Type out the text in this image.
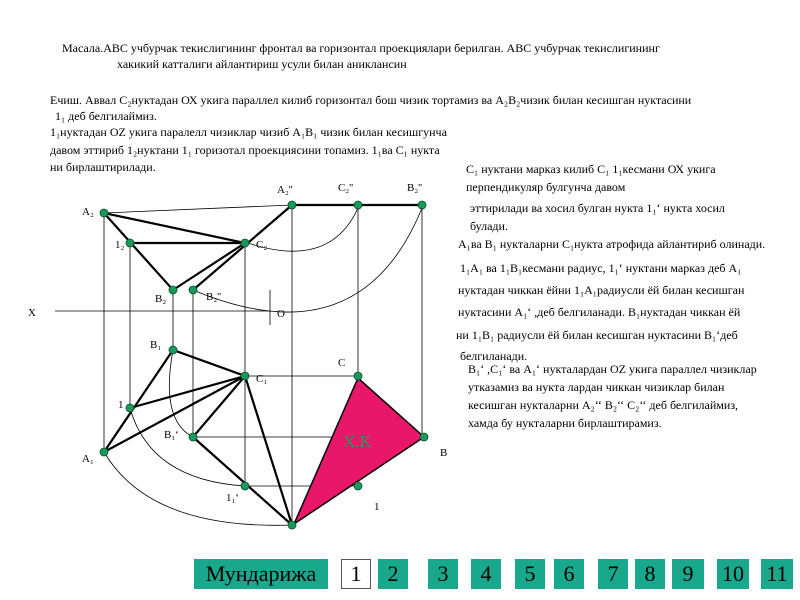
Масала.АВС учбурчак текислигининг фронтал ва горизонтал проекциялари берилган. АВС учбурчак текислигининг
хакикий катталиги айлантириш усули билан аниклансин
Ечиш. Аввал С₂нуктадан ОХ укига параллел килиб горизонтал бош чизик тортамиз ва А₂В₂чизик билан кесишган нуктасини
1₁ деб белгилаймиз.
1₁нуктадан OZ укига паралелл чизиклар чизиб А₁В₁ чизик билан кесишгунча
давом эттириб 1₂нуктани 1₁ горизотал проекциясини топамиз. 1₁ва С₁ нукта
ни бирлаштирилади.	С₁ нуктани марказ килиб С₁ 1₁кесмани ОХ укига
перпендикуляр булгунча давом
эттирилади ва хосил булган нукта 1₁‘ нукта хосил
булади.
А₁ва В₁ нукталарни С₁нукта атрофида айлантириб олинади.
1₁А₁ ва 1₁В₁кесмани радиус, 1₁‘ нуктани марказ деб А₁
нуктадан чиккан ёйни 1₁А₁радиусли ёй билан кесишган
нуктасини А₁‘ ,деб белгиланади. В₁нуктадан чиккан ёй
ни 1₁В₁ радиусли ёй билан кесишган нуктасини В₁‘деб
белгиланади.
В₁‘ ,С₁‘ ва А₁‘ нукталардан OZ укига параллел чизиклар
утказамиз ва нукта лардан чиккан чизиклар билан
кесишган нукталарни А₂‘‘ В₂‘‘ С₂‘‘ деб белгилаймиз,
хамда бу нукталарни бирлаштирамиз.
А₂
А₂''	С₂''	В₂''
1₂	С₂
В₂	В₂''
Х	О
В₁
С₁
1
В₁‘
А₁
1₁‘
С
В
1
Х.К
Мундарижа	1	2	3	4	5	6	7	8	9	10 11
